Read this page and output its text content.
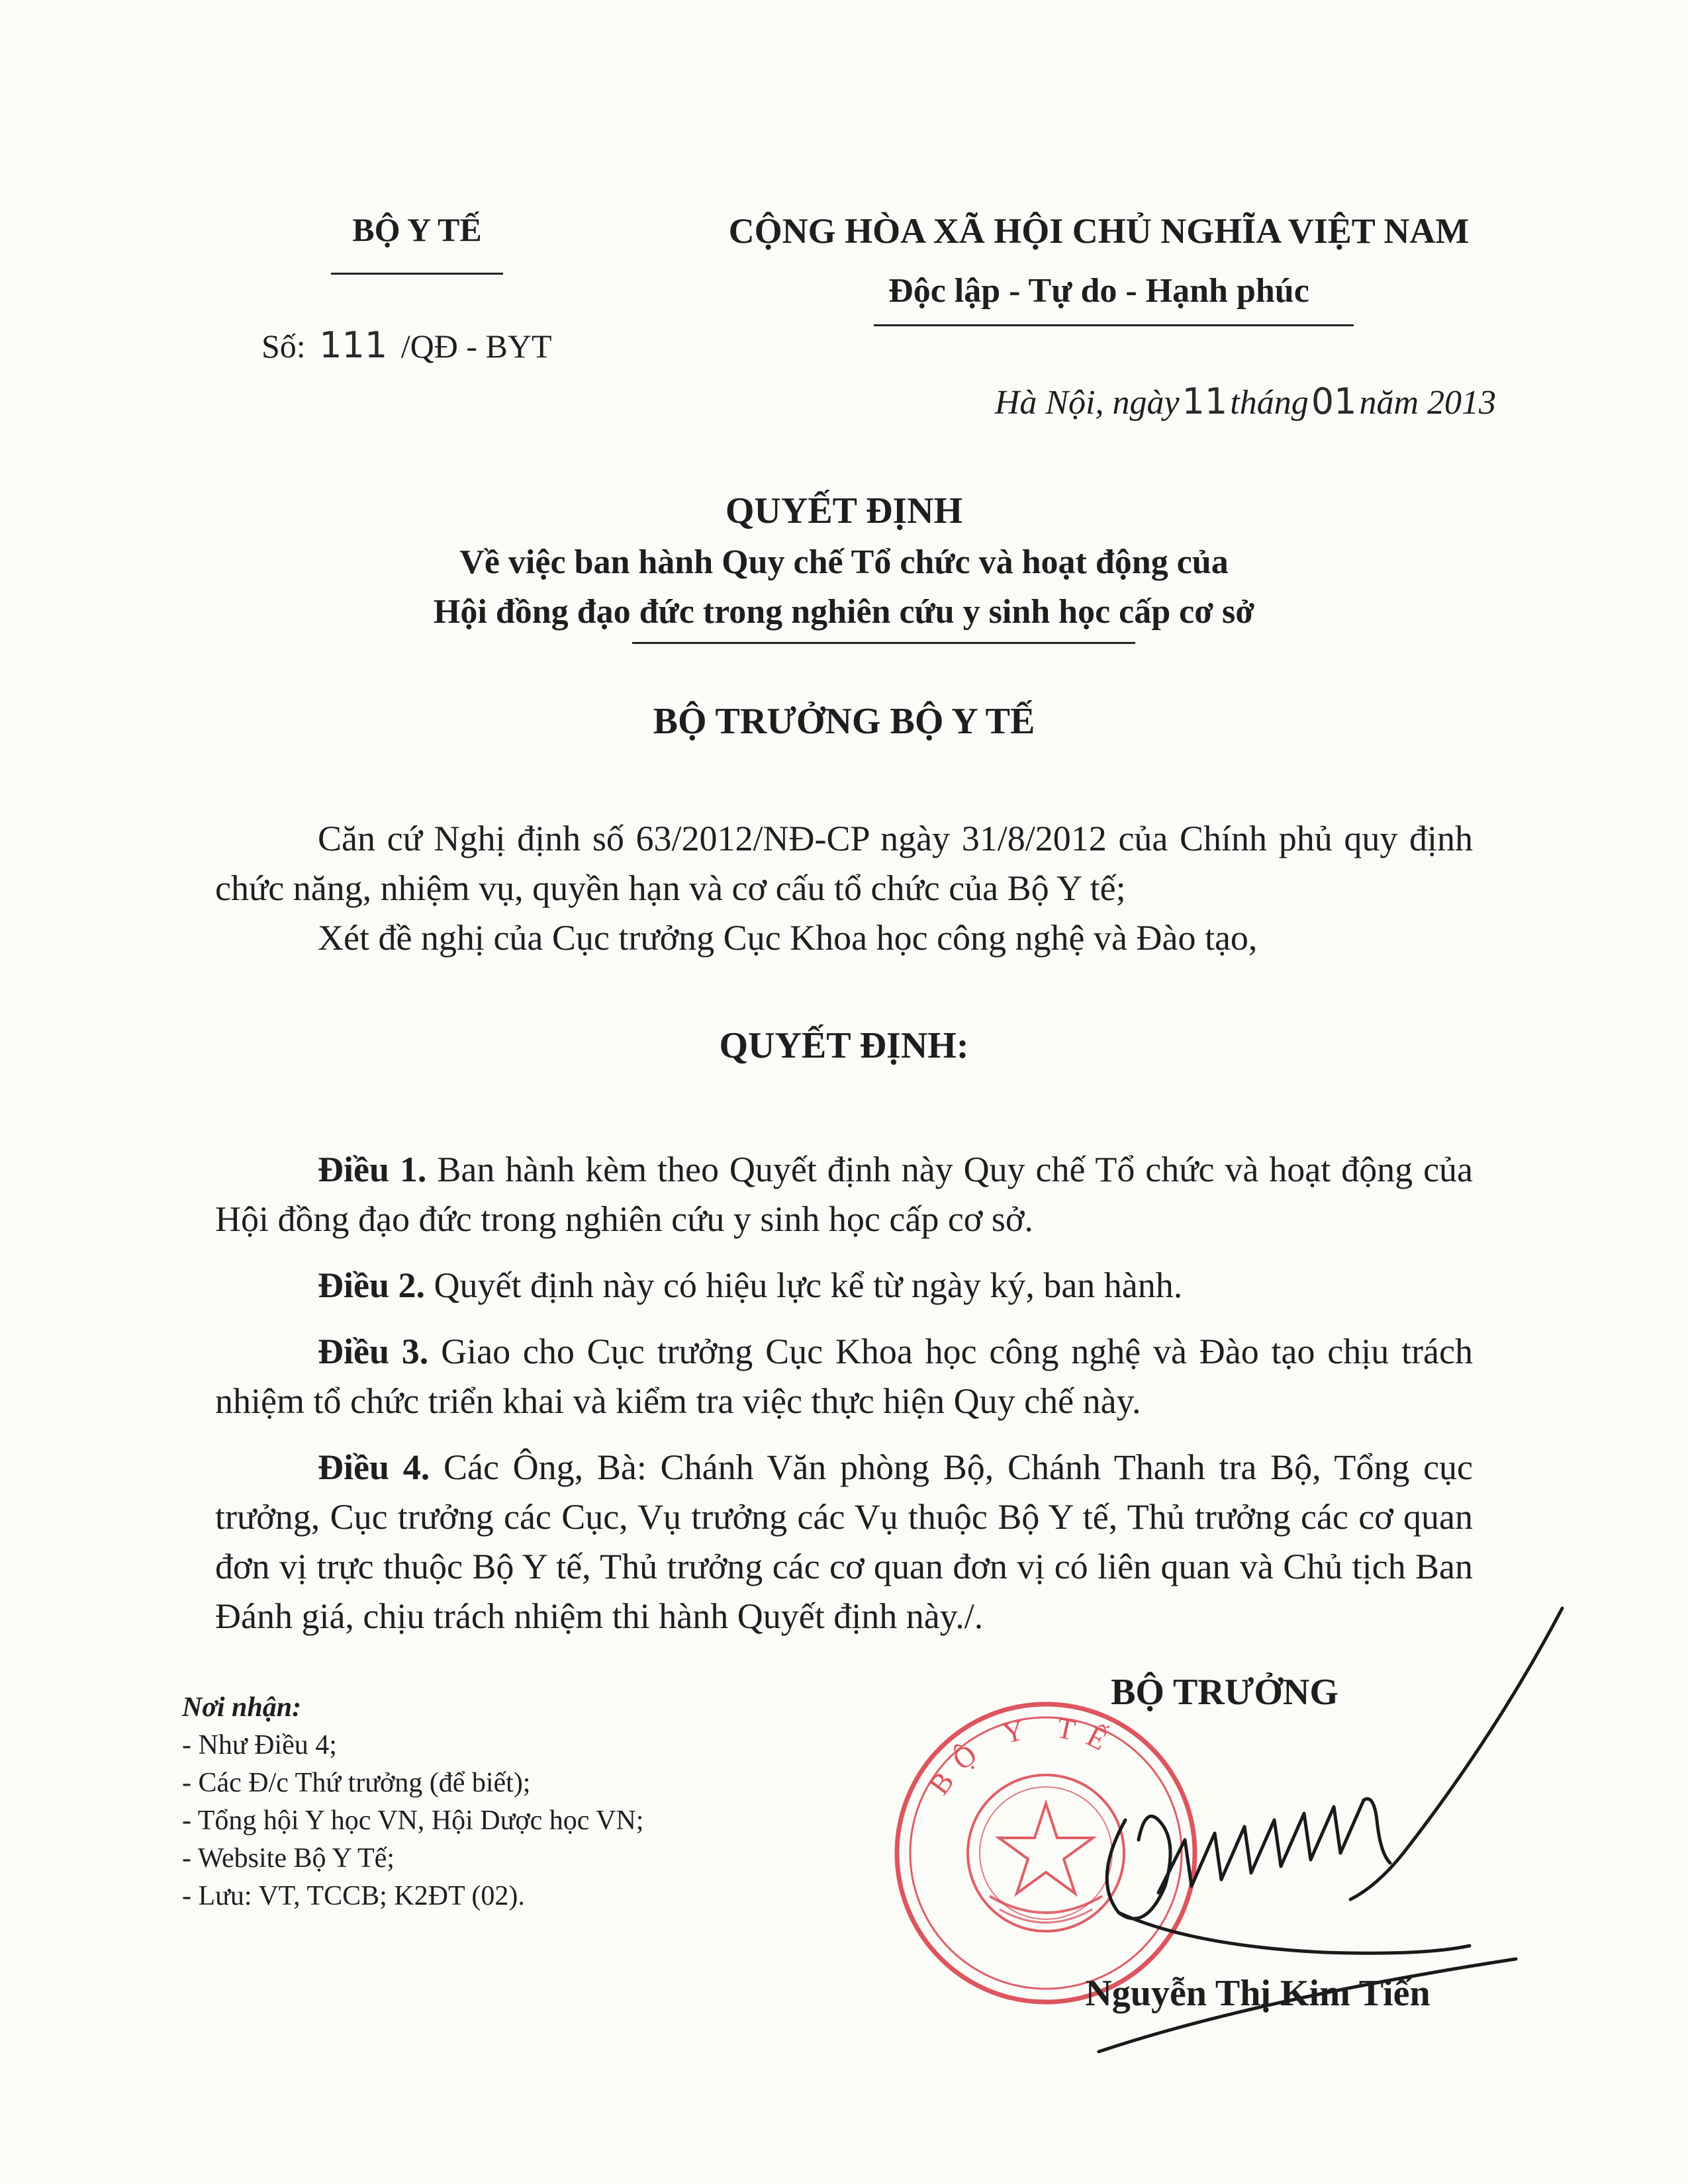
BỘ Y TẾ
Số: 111 /QĐ - BYT
CỘNG HÒA XÃ HỘI CHỦ NGHĨA VIỆT NAM
Độc lập - Tự do - Hạnh phúc
Hà Nội, ngày11tháng01năm 2013
QUYẾT ĐỊNH
Về việc ban hành Quy chế Tổ chức và hoạt động của
Hội đồng đạo đức trong nghiên cứu y sinh học cấp cơ sở
BỘ TRƯỞNG BỘ Y TẾ
Căn cứ Nghị định số 63/2012/NĐ-CP ngày 31/8/2012 của Chính phủ quy định chức năng, nhiệm vụ, quyền hạn và cơ cấu tổ chức của Bộ Y tế;
Xét đề nghị của Cục trưởng Cục Khoa học công nghệ và Đào tạo,
QUYẾT ĐỊNH:
Điều 1. Ban hành kèm theo Quyết định này Quy chế Tổ chức và hoạt động của Hội đồng đạo đức trong nghiên cứu y sinh học cấp cơ sở.
Điều 2. Quyết định này có hiệu lực kể từ ngày ký, ban hành.
Điều 3. Giao cho Cục trưởng Cục Khoa học công nghệ và Đào tạo chịu trách nhiệm tổ chức triển khai và kiểm tra việc thực hiện Quy chế này.
Điều 4. Các Ông, Bà: Chánh Văn phòng Bộ, Chánh Thanh tra Bộ, Tổng cục trưởng, Cục trưởng các Cục, Vụ trưởng các Vụ thuộc Bộ Y tế, Thủ trưởng các cơ quan đơn vị trực thuộc Bộ Y tế, Thủ trưởng các cơ quan đơn vị có liên quan và Chủ tịch Ban Đánh giá, chịu trách nhiệm thi hành Quyết định này./.
BỘ TRƯỞNG
Nơi nhận:
- Như Điều 4;
- Các Đ/c Thứ trưởng (để biết);
- Tổng hội Y học VN, Hội Dược học VN;
- Website Bộ Y Tế;
- Lưu: VT, TCCB; K2ĐT (02).
BỘ Y TẾ
Nguyễn Thị Kim Tiến
